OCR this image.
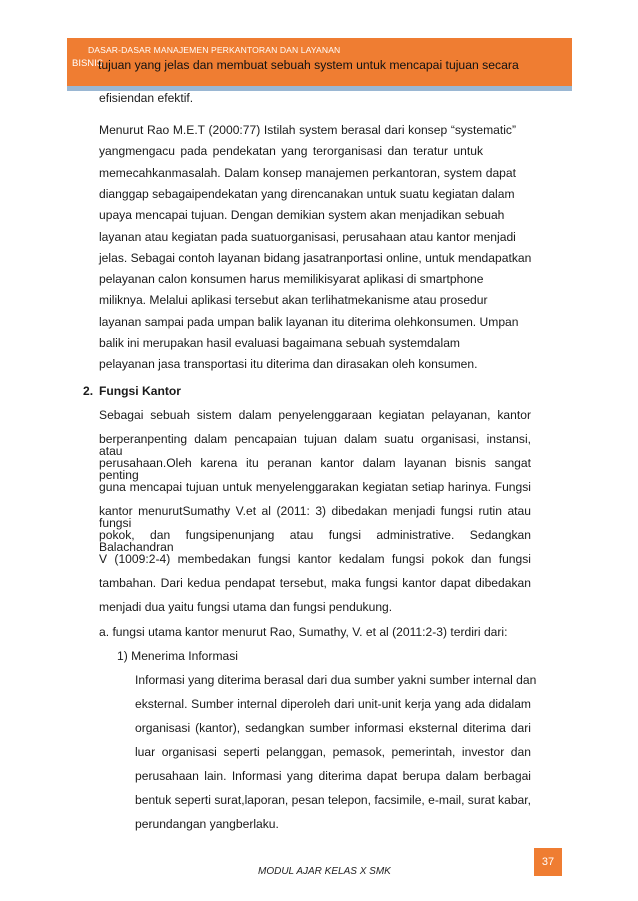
DASAR-DASAR MANAJEMEN PERKANTORAN DAN LAYANAN
BISNIS
tujuan yang jelas dan membuat sebuah system untuk mencapai tujuan secara
efisiendan efektif.
Menurut Rao M.E.T (2000:77) Istilah system berasal dari konsep “systematic”
yangmengacu pada pendekatan yang terorganisasi dan teratur untuk
memecahkanmasalah. Dalam konsep manajemen perkantoran, system dapat
dianggap sebagaipendekatan yang direncanakan untuk suatu kegiatan dalam
upaya mencapai tujuan. Dengan demikian system akan menjadikan sebuah
layanan atau kegiatan pada suatuorganisasi, perusahaan atau kantor menjadi
jelas. Sebagai contoh layanan bidang jasatranportasi online, untuk mendapatkan
pelayanan calon konsumen harus memilikisyarat aplikasi di smartphone
miliknya. Melalui aplikasi tersebut akan terlihatmekanisme atau prosedur
layanan sampai pada umpan balik layanan itu diterima olehkonsumen. Umpan
balik ini merupakan hasil evaluasi bagaimana sebuah systemdalam
pelayanan jasa transportasi itu diterima dan dirasakan oleh konsumen.
2. Fungsi Kantor
Sebagai sebuah sistem dalam penyelenggaraan kegiatan pelayanan, kantor
berperanpenting dalam pencapaian tujuan dalam suatu organisasi, instansi, atau
perusahaan.Oleh karena itu peranan kantor dalam layanan bisnis sangat penting
guna mencapai tujuan untuk menyelenggarakan kegiatan setiap harinya. Fungsi
kantor menurutSumathy V.et al (2011: 3) dibedakan menjadi fungsi rutin atau fungsi
pokok, dan fungsipenunjang atau fungsi administrative. Sedangkan Balachandran
V (1009:2-4) membedakan fungsi kantor kedalam fungsi pokok dan fungsi
tambahan. Dari kedua pendapat tersebut, maka fungsi kantor dapat dibedakan
menjadi dua yaitu fungsi utama dan fungsi pendukung.
a. fungsi utama kantor menurut Rao, Sumathy, V. et al (2011:2-3) terdiri dari:
1) Menerima Informasi
Informasi yang diterima berasal dari dua sumber yakni sumber internal dan
eksternal. Sumber internal diperoleh dari unit-unit kerja yang ada didalam
organisasi (kantor), sedangkan sumber informasi eksternal diterima dari
luar organisasi seperti pelanggan, pemasok, pemerintah, investor dan
perusahaan lain. Informasi yang diterima dapat berupa dalam berbagai
bentuk seperti surat,laporan, pesan telepon, facsimile, e-mail, surat kabar,
perundangan yangberlaku.
MODUL AJAR KELAS X SMK
37
